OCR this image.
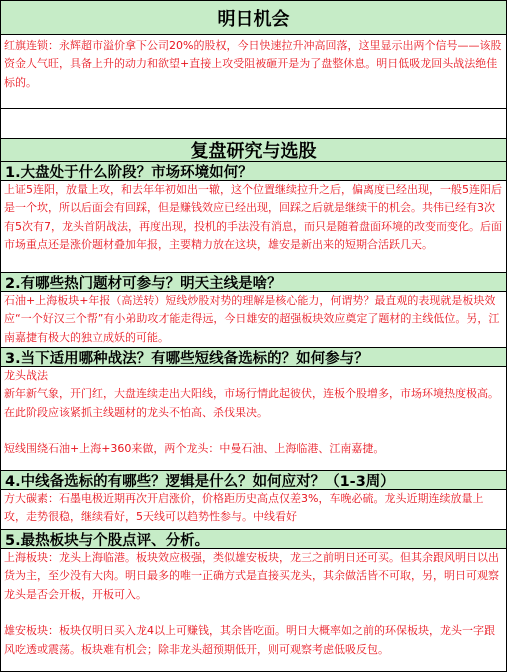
明日机会

红旗连锁：永辉超市溢价拿下公司20%的股权，今日快速拉升冲高回落，这里显示出两个信号——该股资金人气旺，具备上升的动力和欲望+直接上攻受阻被砸开是为了盘整休息。明日低吸龙回头战法绝佳标的。

复盘研究与选股
1.大盘处于什么阶段？市场环境如何？

上证5连阳，放量上攻，和去年年初如出一辙，这个位置继续拉升之后，偏离度已经出现，一般5连阳后是一个坎，所以后面会有回踩，但是赚钱效应已经出现，回踩之后就是继续干的机会。共伟已经有3次有5次有7，龙头首阴战法，再度出现，投机的手法没有消息，而只是随着盘面环境的改变而变化。后面市场重点还是涨价题材叠加年报，主要精力放在这块，雄安是新出来的短期合活跃几天。

2.有哪些热门题材可参与？明天主线是啥？

石油+上海板块+年报（高送转）短线炒股对势的理解是核心能力，何谓势？最直观的表现就是板块效应“一个好汉三个帮”有小弟助攻才能走得远，今日雄安的超强板块效应奠定了题材的主线低位。另，江南嘉捷有极大的独立成妖的可能。

3.当下适用哪种战法？有哪些短线备选标的？如何参与？

龙头战法

新年新气象，开门红，大盘连续走出大阳线，市场行情此起彼伏，连板个股增多，市场环境热度极高。在此阶段应该紧抓主线题材的龙头不怕高、杀伐果决。

短线围绕石油+上海+360来做，两个龙头：中曼石油、上海临港、江南嘉捷。

4.中线备选标的有哪些？逻辑是什么？如何应对？（1-3周）

方大碳素：石墨电极近期再次开启涨价，价格距历史高点仅差3%，车晚必硫。龙头近期连续放量上攻，走势很稳，继续看好，5天线可以趋势性参与。中线看好

5.最热板块与个股点评、分析。

上海板块：龙头上海临港。板块效应极强，类似雄安板块，龙三之前明日还可买。但其余跟风明日以出货为主，至少没有大肉。明日最多的唯一正确方式是直接买龙头，其余做活皆不可取，另，明日可观察龙头是否会开板，开板可入。

雄安板块：板块仅明日买入龙4以上可赚钱，其余皆吃面。明日大概率如之前的环保板块，龙头一字跟风吃透或震荡。板块难有机会；除非龙头超预期低开，则可观察考虑低吸反包。
